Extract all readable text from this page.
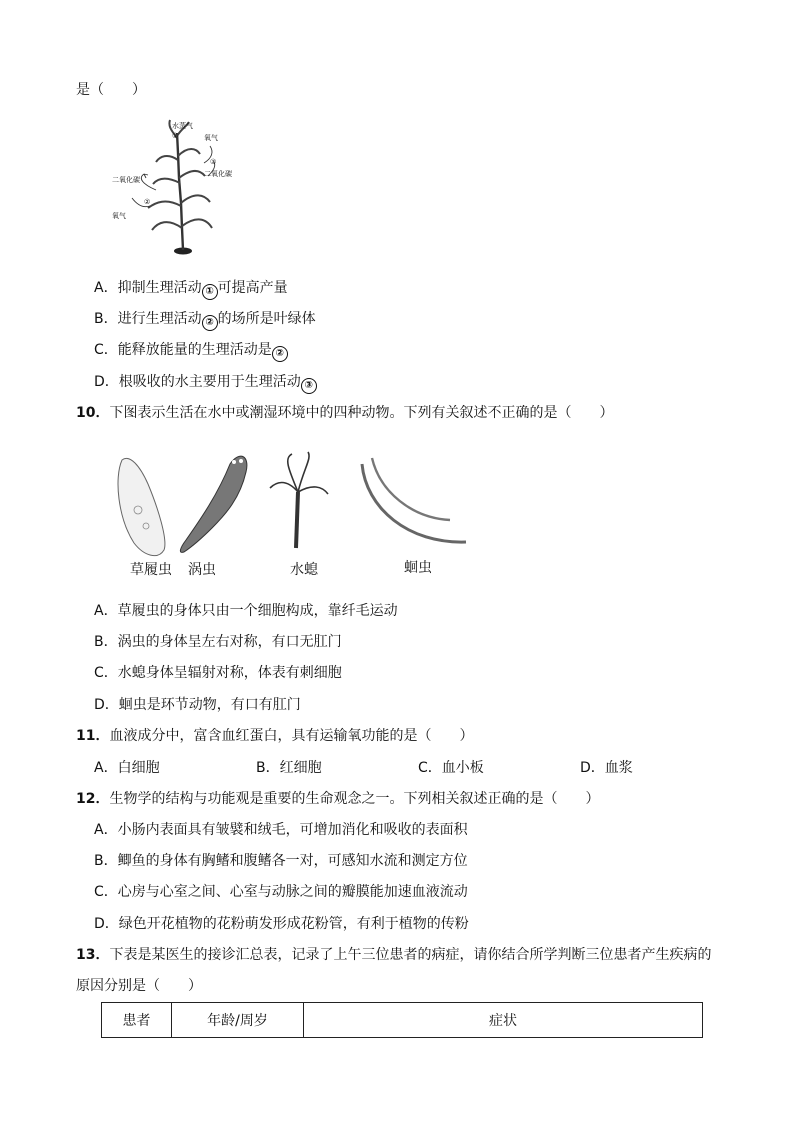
是（　　）
水蒸气
①	氧气
③
二氧化碳
二氧化碳
②
氧气
A．抑制生理活动 ① 可提高产量
B．进行生理活动 ② 的场所是叶绿体
C．能释放能量的生理活动是 ②
D．根吸收的水主要用于生理活动 ③
10．下图表示生活在水中或潮湿环境中的四种动物。下列有关叙述不正确的是（　　）
草履虫 涡虫	水螅	蛔虫
A．草履虫的身体只由一个细胞构成，靠纤毛运动
B．涡虫的身体呈左右对称，有口无肛门
C．水螅身体呈辐射对称，体表有刺细胞
D．蛔虫是环节动物，有口有肛门
11．血液成分中，富含血红蛋白，具有运输氧功能的是（　　）
A．白细胞	B．红细胞	C．血小板	D．血浆
12．生物学的结构与功能观是重要的生命观念之一。下列相关叙述正确的是（　　）
A．小肠内表面具有皱襞和绒毛，可增加消化和吸收的表面积
B．鲫鱼的身体有胸鳍和腹鳍各一对，可感知水流和测定方位
C．心房与心室之间、心室与动脉之间的瓣膜能加速血液流动
D．绿色开花植物的花粉萌发形成花粉管，有利于植物的传粉
13．下表是某医生的接诊汇总表，记录了上午三位患者的病症，请你结合所学判断三位患者产生疾病的
原因分别是（　　）
患者	年龄/周岁	症状
